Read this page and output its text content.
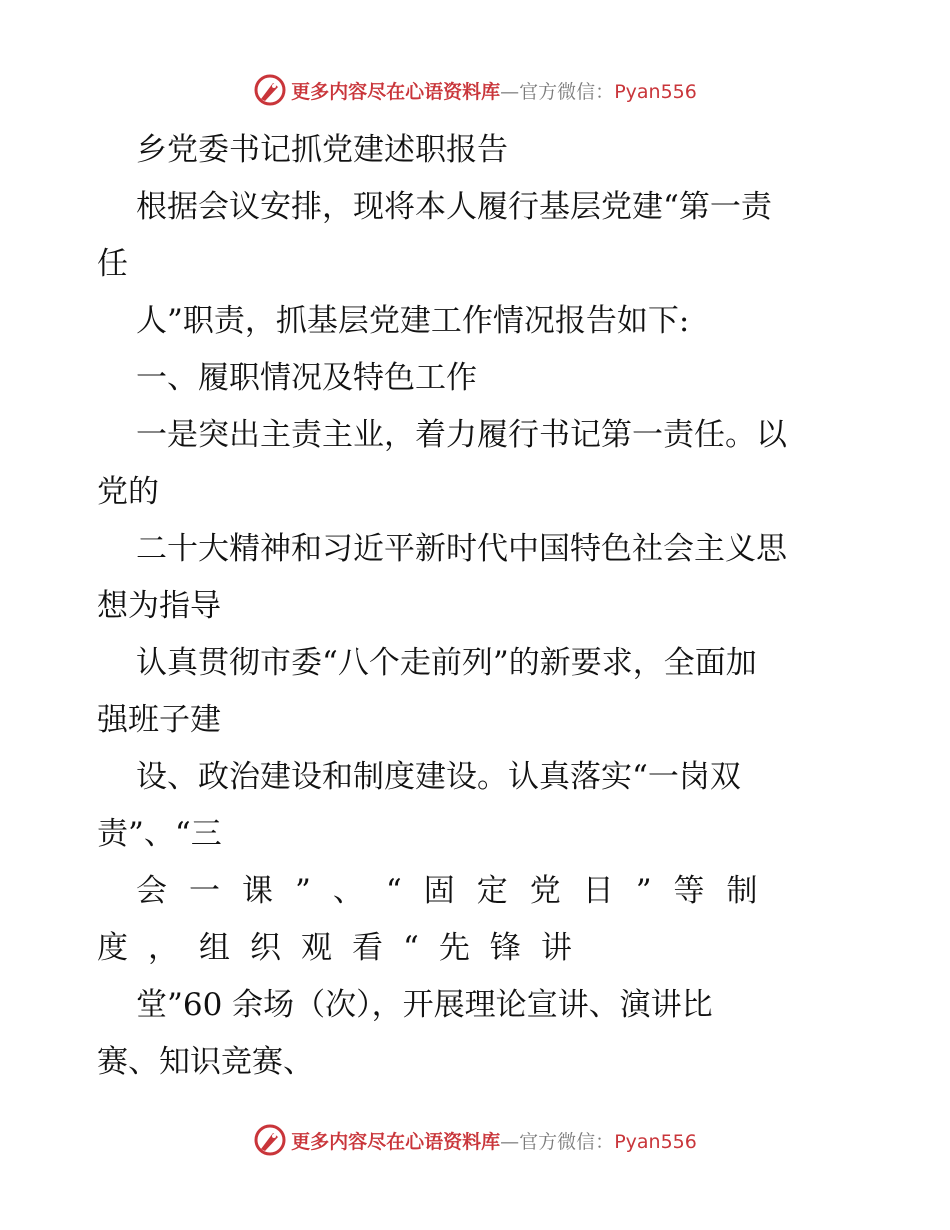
更多内容尽在心语资料库—官方微信：Pyan556
乡党委书记抓党建述职报告
根据会议安排，现将本人履行基层党建“第一责
任
人”职责，抓基层党建工作情况报告如下:
一、履职情况及特色工作
一是突出主责主业，着力履行书记第一责任。以
党的
二十大精神和习近平新时代中国特色社会主义思
想为指导
认真贯彻市委“八个走前列”的新要求，全面加
强班子建
设、政治建设和制度建设。认真落实“一岗双
责”、“三
会一课”、“固定党日”等制
度，组织观看“先锋讲
堂”60 余场（次），开展理论宣讲、演讲比
赛、知识竞赛、
更多内容尽在心语资料库—官方微信：Pyan556
